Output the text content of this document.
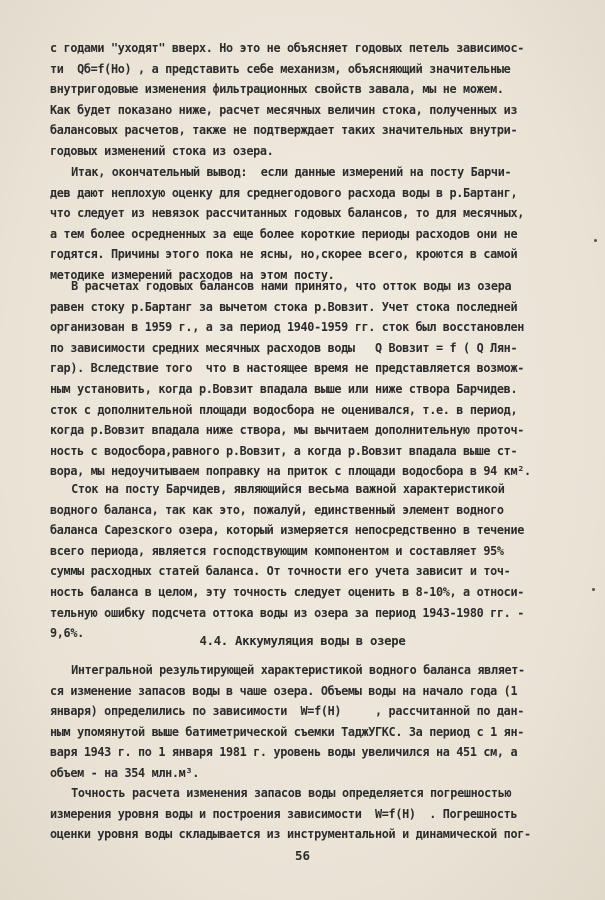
с годами "уходят" вверх. Но это не объясняет годовых петель зависимос-
ти  Qб=f(Hо) , а представить себе механизм, объясняющий значительные
внутригодовые изменения фильтрационных свойств завала, мы не можем.
Как будет показано ниже, расчет месячных величин стока, полученных из
балансовых расчетов, также не подтверждает таких значительных внутри-
годовых изменений стока из озера.
Итак, окончательный вывод:  если данные измерений на посту Барчи-
дев дают неплохую оценку для среднегодового расхода воды в р.Бартанг,
что следует из невязок рассчитанных годовых балансов, то для месячных,
а тем более осредненных за еще более короткие периоды расходов они не
годятся. Причины этого пока не ясны, но,скорее всего, кроются в самой
методике измерений расходов на этом посту.
В расчетах годовых балансов нами принято, что отток воды из озера
равен стоку р.Бартанг за вычетом стока р.Вовзит. Учет стока последней
организован в 1959 г., а за период 1940-1959 гг. сток был восстановлен
по зависимости средних месячных расходов воды   Q Вовзит = f ( Q Лян-
гар). Вследствие того  что в настоящее время не представляется возмож-
ным установить, когда р.Вовзит впадала выше или ниже створа Барчидев.
сток с дополнительной площади водосбора не оценивался, т.е. в период,
когда р.Вовзит впадала ниже створа, мы вычитаем дополнительную проточ-
ность с водосбора,равного р.Вовзит, а когда р.Вовзит впадала выше ст-
вора, мы недоучитываем поправку на приток с площади водосбора в 94 км².
Сток на посту Барчидев, являющийся весьма важной характеристикой
водного баланса, так как это, пожалуй, единственный элемент водного
баланса Сарезского озера, который измеряется непосредственно в течение
всего периода, является господствующим компонентом и составляет 95%
суммы расходных статей баланса. От точности его учета зависит и точ-
ность баланса в целом, эту точность следует оценить в 8-10%, а относи-
тельную ошибку подсчета оттока воды из озера за период 1943-1980 гг. -
9,6%.
4.4. Аккумуляция воды в озере
Интегральной результирующей характеристикой водного баланса являет-
ся изменение запасов воды в чаше озера. Объемы воды на начало года (1
января) определились по зависимости  W=f(H)     , рассчитанной по дан-
ным упомянутой выше батиметрической съемки ТаджУГКС. За период с 1 ян-
варя 1943 г. по 1 января 1981 г. уровень воды увеличился на 451 см, а
объем - на 354 млн.м³.
Точность расчета изменения запасов воды определяется погрешностью
измерения уровня воды и построения зависимости  W=f(H)  . Погрешность
оценки уровня воды складывается из инструментальной и динамической пог-
56
